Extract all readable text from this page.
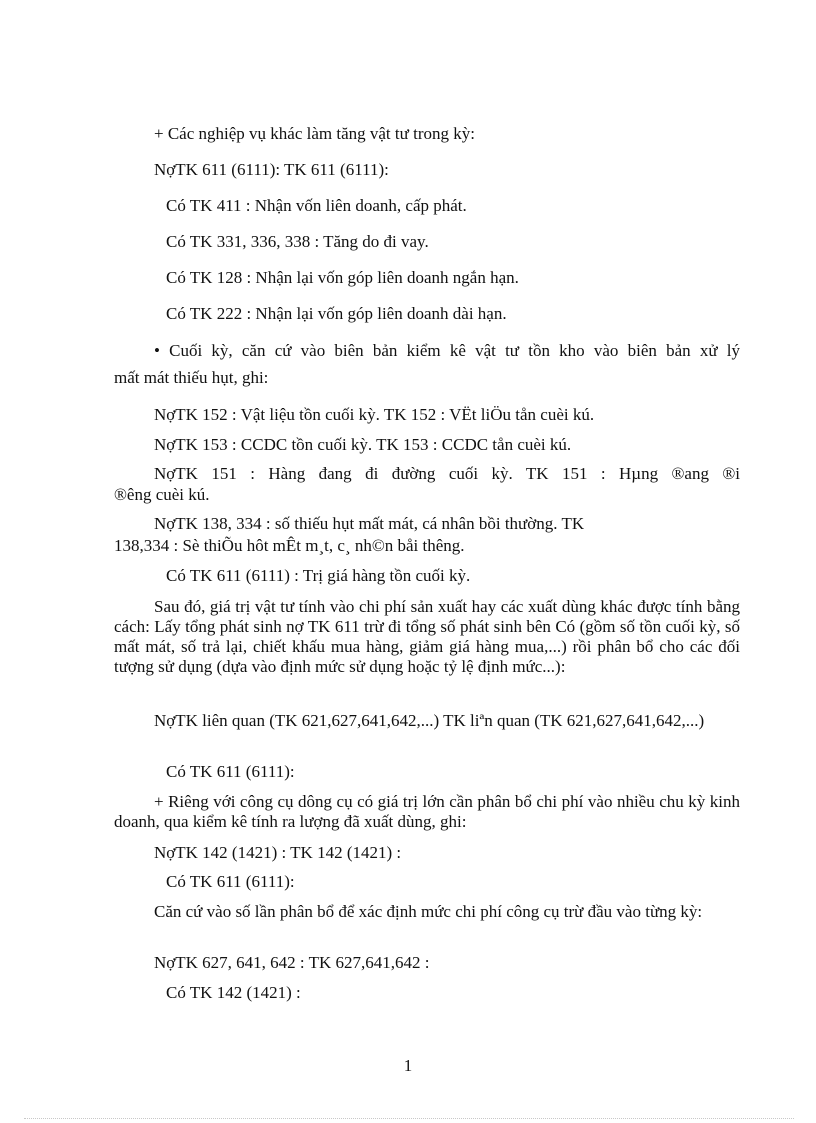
+ Các nghiệp vụ khác làm tăng vật tư trong kỳ:
NợTK 611 (6111): TK 611 (6111):
Có TK 411 : Nhận vốn liên doanh, cấp phát.
Có TK 331, 336, 338 : Tăng do đi vay.
Có TK 128 : Nhận lại vốn góp liên doanh ngắn hạn.
Có TK 222 : Nhận lại vốn góp liên doanh dài hạn.
• Cuối kỳ, căn cứ vào biên bản kiểm kê vật tư tồn kho vào biên bản xử lý
mất mát thiếu hụt, ghi:
NợTK 152 : Vật liệu tồn cuối kỳ. TK 152 : VËt liÖu tån cuèi kú.
NợTK 153 : CCDC tồn cuối kỳ. TK 153 : CCDC tån cuèi kú.
NợTK 151 : Hàng đang đi đường cuối kỳ. TK 151 : Hµng ®ang ®i
®êng cuèi kú.
NợTK 138, 334 : số thiếu hụt mất mát, cá nhân bồi thường. TK
138,334 : Sè thiÕu hôt mÊt m¸t, c¸ nh©n båi thêng.
Có TK 611 (6111) : Trị giá hàng tồn cuối kỳ.
Sau đó, giá trị vật tư tính vào chi phí sản xuất hay các xuất dùng khác được tính bằng cách: Lấy tổng phát sinh nợ TK 611 trừ đi tổng số phát sinh bên Có (gồm số tồn cuối kỳ, số mất mát, số trả lại, chiết khấu mua hàng, giảm giá hàng mua,...) rồi phân bổ cho các đối tượng sử dụng (dựa vào định mức sử dụng hoặc tỷ lệ định mức...):
NợTK liên quan (TK 621,627,641,642,...) TK liªn quan (TK 621,627,641,642,...)
Có TK 611 (6111):
+ Riêng với công cụ dông cụ có giá trị lớn cần phân bổ chi phí vào nhiều chu kỳ kinh doanh, qua kiểm kê tính ra lượng đã xuất dùng, ghi:
NợTK 142 (1421) : TK 142 (1421) :
Có TK 611 (6111):
Căn cứ vào số lần phân bổ để xác định mức chi phí công cụ trừ đầu vào từng kỳ:
NợTK 627, 641, 642 : TK 627,641,642 :
Có TK 142 (1421) :
1
